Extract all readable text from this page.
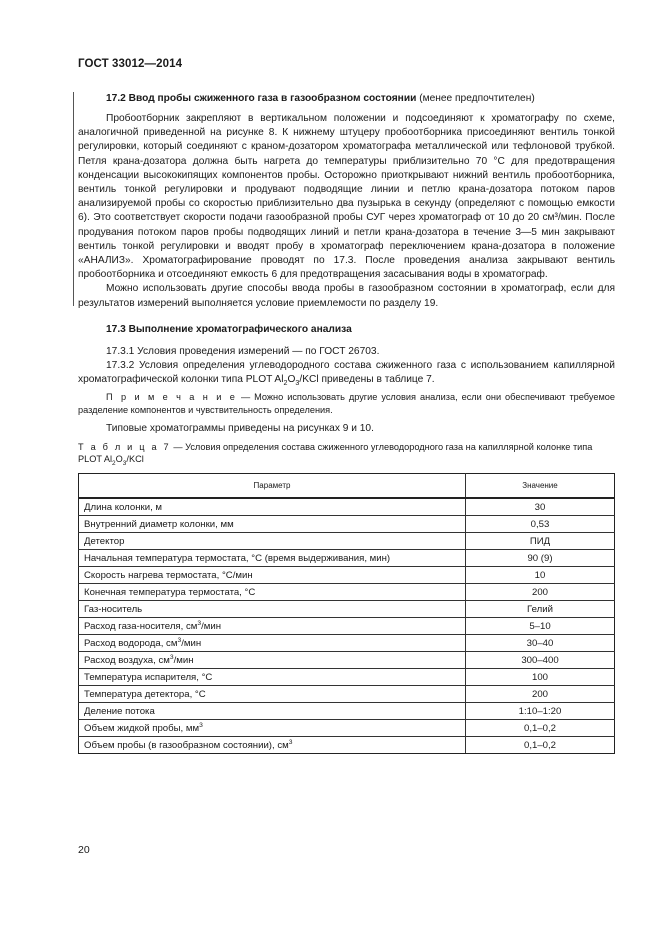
ГОСТ 33012—2014
17.2 Ввод пробы сжиженного газа в газообразном состоянии (менее предпочтителен)

Пробоотборник закрепляют в вертикальном положении и подсоединяют к хроматографу по схеме, аналогичной приведенной на рисунке 8. К нижнему штуцеру пробоотборника присоединяют вентиль тонкой регулировки, который соединяют с краном-дозатором хроматографа металлической или тефлоновой трубкой. Петля крана-дозатора должна быть нагрета до температуры приблизительно 70 °С для предотвращения конденсации высококипящих компонентов пробы. Осторожно приоткрывают нижний вентиль пробоотборника, вентиль тонкой регулировки и продувают подводящие линии и петлю крана-дозатора потоком паров анализируемой пробы со скоростью приблизительно два пузырька в секунду (определяют с помощью емкости 6). Это соответствует скорости подачи газообразной пробы СУГ через хроматограф от 10 до 20 см³/мин. После продувания потоком паров пробы подводящих линий и петли крана-дозатора в течение 3—5 мин закрывают вентиль тонкой регулировки и вводят пробу в хроматограф переключением крана-дозатора в положение «АНАЛИЗ». Хроматографирование проводят по 17.3. После проведения анализа закрывают вентиль пробоотборника и отсоединяют емкость 6 для предотвращения засасывания воды в хроматограф.

Можно использовать другие способы ввода пробы в газообразном состоянии в хроматограф, если для результатов измерений выполняется условие приемлемости по разделу 19.

17.3 Выполнение хроматографического анализа

17.3.1 Условия проведения измерений — по ГОСТ 26703.

17.3.2 Условия определения углеводородного состава сжиженного газа с использованием капиллярной хроматографической колонки типа PLOT $Al_2O_3$/KCl приведены в таблице 7.

П р и м е ч а н и е — Можно использовать другие условия анализа, если они обеспечивают требуемое разделение компонентов и чувствительность определения.

Типовые хроматограммы приведены на рисунках 9 и 10.

Т а б л и ц а 7 — Условия определения состава сжиженного углеводородного газа на капиллярной колонке типа PLOT $Al_2O_3$/KCl

Параметр	Значение
Длина колонки, м	30
Внутренний диаметр колонки, мм	0,53
Детектор	ПИД
Начальная температура термостата, °С (время выдерживания, мин)	90 (9)
Скорость нагрева термостата, °С/мин	10
Конечная температура термостата, °С	200
Газ-носитель	Гелий
Расход газа-носителя, $см^3$/мин	5–10
Расход водорода, $см^3$/мин	30–40
Расход воздуха, $см^3$/мин	300–400
Температура испарителя, °С	100
Температура детектора, °С	200
Деление потока	1:10–1:20
Объем жидкой пробы, $мм^3$	0,1–0,2
Объем пробы (в газообразном состоянии), $см^3$	0,1–0,2
20
